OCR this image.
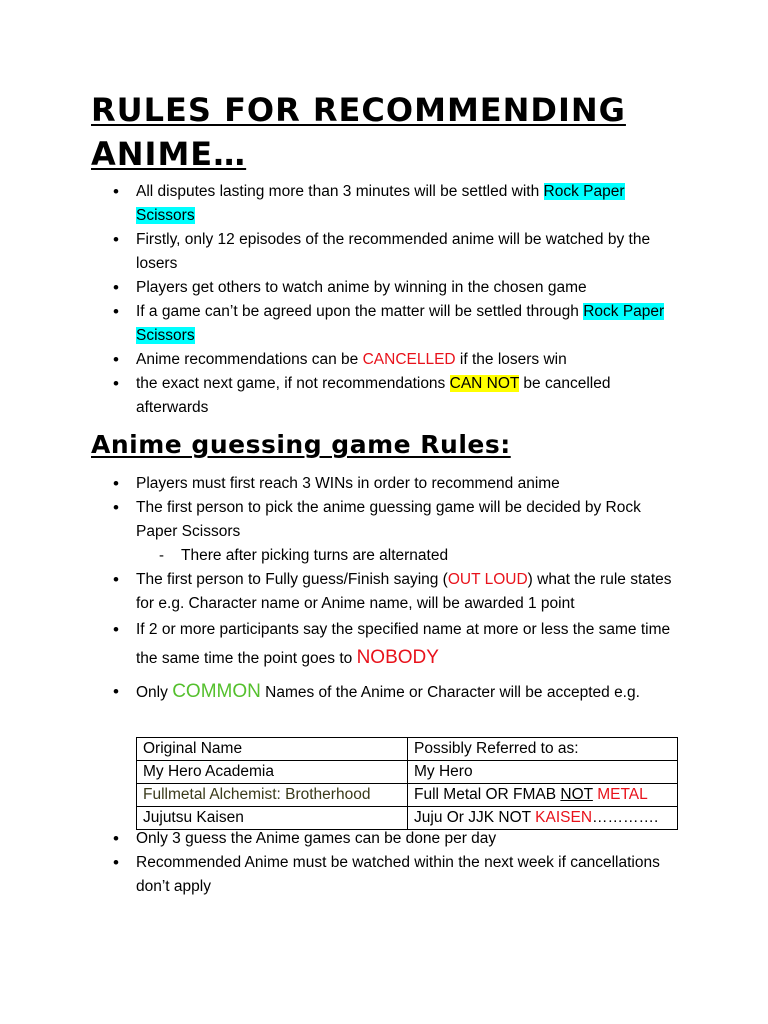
RULES FOR RECOMMENDING ANIME…
• All disputes lasting more than 3 minutes will be settled with Rock Paper Scissors
• Firstly, only 12 episodes of the recommended anime will be watched by the losers
• Players get others to watch anime by winning in the chosen game
• If a game can’t be agreed upon the matter will be settled through Rock Paper Scissors
• Anime recommendations can be CANCELLED if the losers win
• the exact next game, if not recommendations CAN NOT be cancelled afterwards
Anime guessing game Rules:
• Players must first reach 3 WINs in order to recommend anime
• The first person to pick the anime guessing game will be decided by Rock Paper Scissors
- There after picking turns are alternated
• The first person to Fully guess/Finish saying (OUT LOUD) what the rule states for e.g. Character name or Anime name, will be awarded 1 point
• If 2 or more participants say the specified name at more or less the same time the same time the point goes to NOBODY
• Only COMMON Names of the Anime or Character will be accepted e.g.
Original Name	Possibly Referred to as:
My Hero Academia	My Hero
Fullmetal Alchemist: Brotherhood	Full Metal OR FMAB NOT METAL
Jujutsu Kaisen	Juju Or JJK NOT KAISEN………….
• Only 3 guess the Anime games can be done per day
• Recommended Anime must be watched within the next week if cancellations don’t apply
